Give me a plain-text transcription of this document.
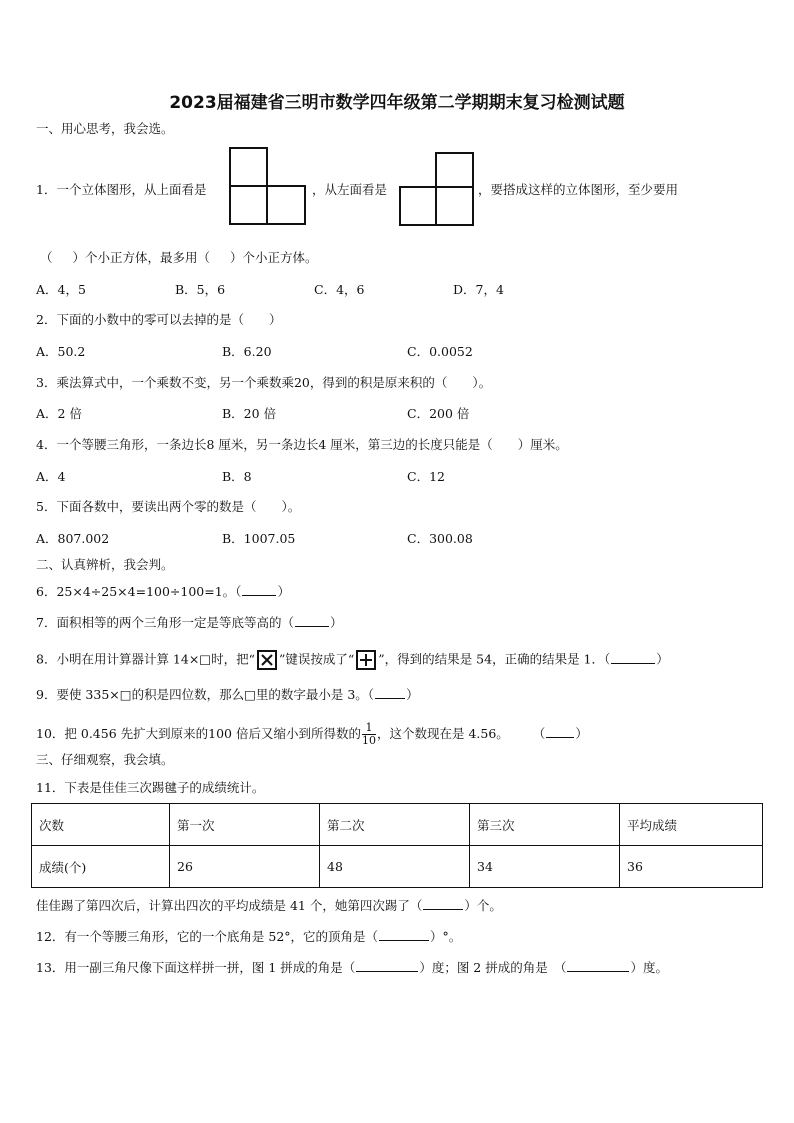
2023届福建省三明市数学四年级第二学期期末复习检测试题
一、用心思考，我会选。
1．一个立体图形，从上面看是	，从左面看是	，要搭成这样的立体图形，至少要用
（ ）个小正方体，最多用（ ）个小正方体。
A．4，5	B．5，6	C．4，6	D．7，4
2．下面的小数中的零可以去掉的是（　　）
A．50.2	B．6.20	C．0.0052
3．乘法算式中，一个乘数不变，另一个乘数乘20，得到的积是原来积的（　　）。
A．2 倍	B．20 倍	C．200 倍
4．一个等腰三角形，一条边长8 厘米，另一条边长4 厘米，第三边的长度只能是（　　）厘米。
A．4	B．8	C．12
5．下面各数中，要读出两个零的数是（　　）。
A．807.002	B．1007.05	C．300.08
二、认真辨析，我会判。
6．25×4÷25×4=100÷100=1。（	）
7．面积相等的两个三角形一定是等底等高的（	）
8．小明在用计算器计算 14×□时，把“ ”键误按成了“ ”，得到的结果是 54，正确的结果是 1．（	）
9．要使 335×□的积是四位数，那么□里的数字最小是 3。（	）
10．把 0.456 先扩大到原来的100 倍后又缩小到所得数的 $\frac{1}{10}$ ，这个数现在是 4.56。 （ ）
三、仔细观察，我会填。
11．下表是佳佳三次踢毽子的成绩统计。
次数	第一次	第二次	第三次	平均成绩
成绩(个)	26	48	34	36
佳佳踢了第四次后，计算出四次的平均成绩是 41 个，她第四次踢了（	）个。
12．有一个等腰三角形，它的一个底角是 52°，它的顶角是（	）°。
13．用一副三角尺像下面这样拼一拼，图 1 拼成的角是（	）度；图 2 拼成的角是　（	）度。
